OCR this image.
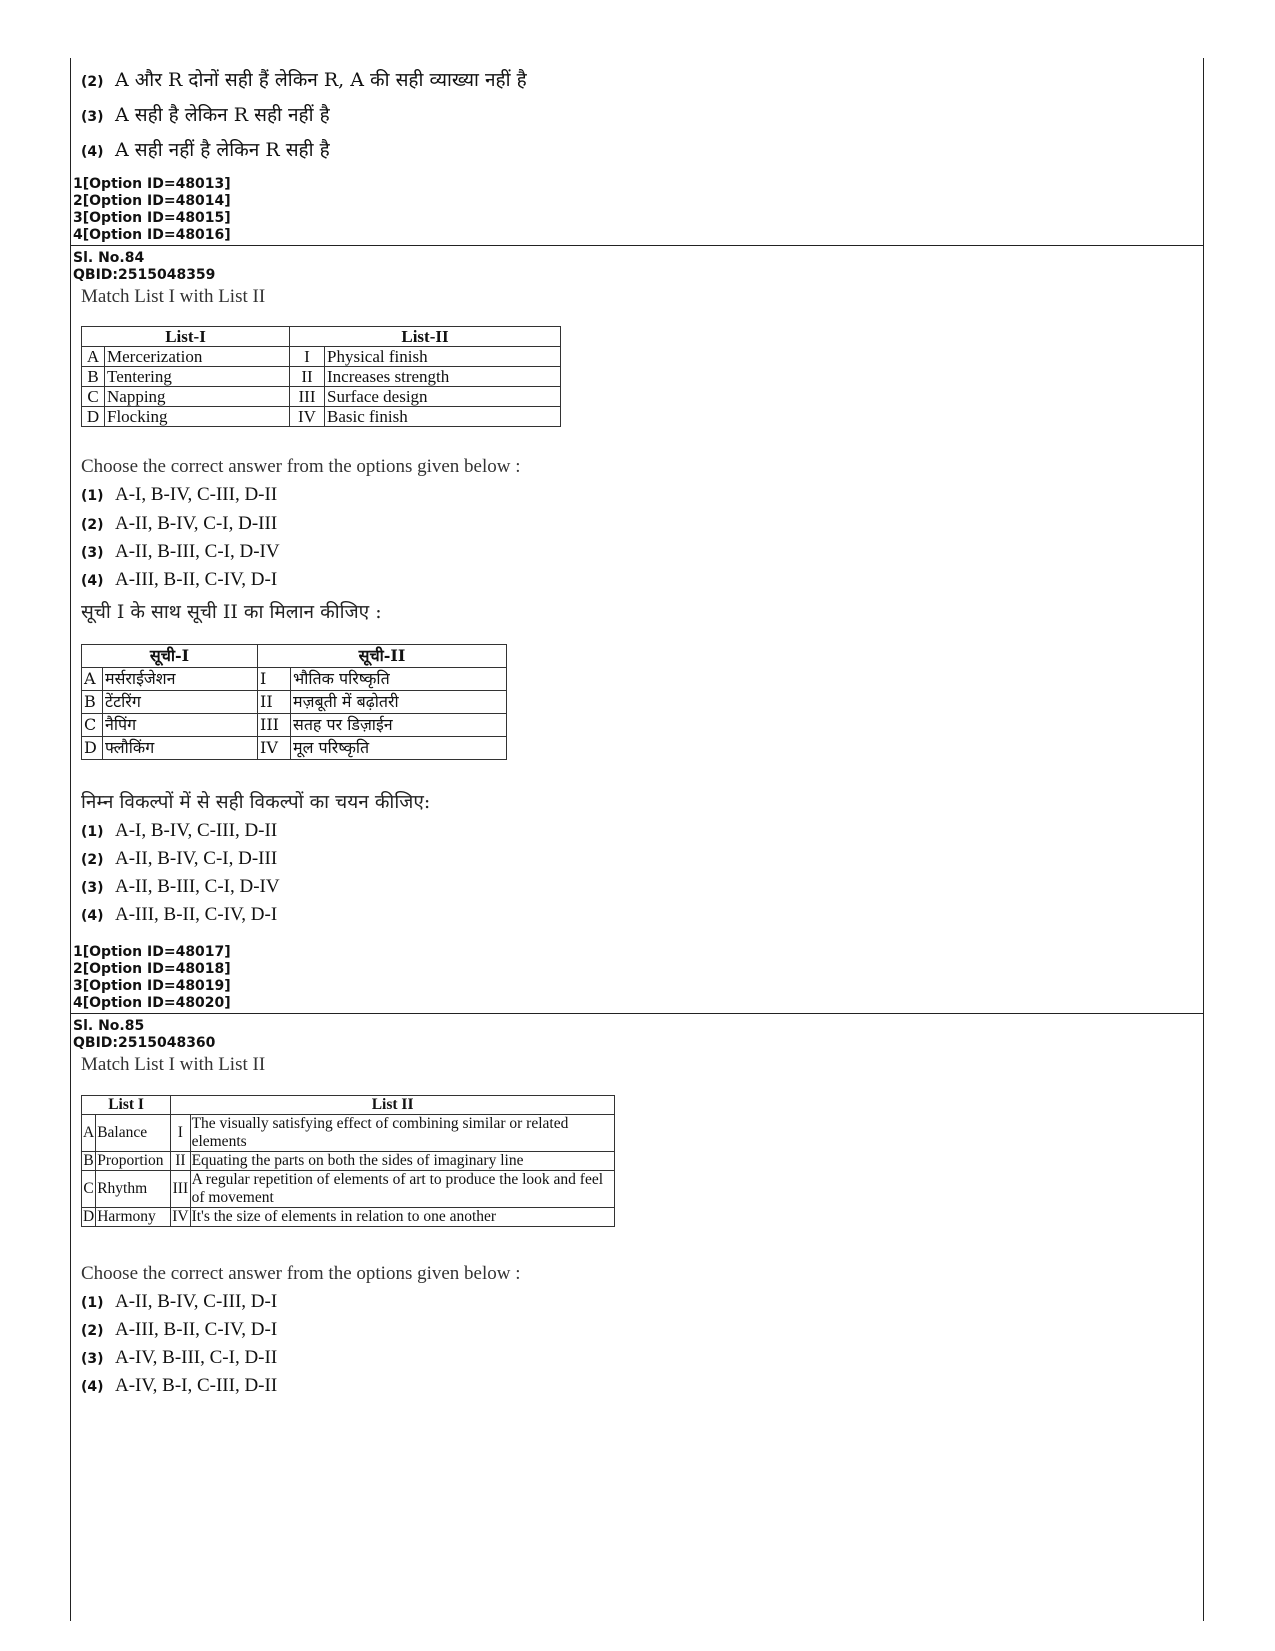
(2) A और R दोनों सही हैं लेकिन R, A की सही व्याख्या नहीं है
(3) A सही है लेकिन R सही नहीं है
(4) A सही नहीं है लेकिन R सही है
1[Option ID=48013]
2[Option ID=48014]
3[Option ID=48015]
4[Option ID=48016]
Sl. No.84
QBID:2515048359
Match List I with List II
List-I		List-II	
A	Mercerization	I	Physical finish
B	Tentering	II	Increases strength
C	Napping	III	Surface design
D	Flocking	IV	Basic finish
Choose the correct answer from the options given below :
(1) A-I, B-IV, C-III, D-II
(2) A-II, B-IV, C-I, D-III
(3) A-II, B-III, C-I, D-IV
(4) A-III, B-II, C-IV, D-I
सूची I के साथ सूची II का मिलान कीजिए :
सूची-I		सूची-II	
A	मर्सराईजेशन	I	भौतिक परिष्कृति
B	टेंटरिंग	II	मज़बूती में बढ़ोतरी
C	नैपिंग	III	सतह पर डिज़ाईन
D	फ्लौकिंग	IV	मूल परिष्कृति
निम्न विकल्पों में से सही विकल्पों का चयन कीजिए:
(1) A-I, B-IV, C-III, D-II
(2) A-II, B-IV, C-I, D-III
(3) A-II, B-III, C-I, D-IV
(4) A-III, B-II, C-IV, D-I
1[Option ID=48017]
2[Option ID=48018]
3[Option ID=48019]
4[Option ID=48020]
Sl. No.85
QBID:2515048360
Match List I with List II
List I		List II	
A	Balance	I	The visually satisfying effect of combining similar or related elements
B	Proportion	II	Equating the parts on both the sides of imaginary line
C	Rhythm	III	A regular repetition of elements of art to produce the look and feel of movement
D	Harmony	IV	It's the size of elements in relation to one another
Choose the correct answer from the options given below :
(1) A-II, B-IV, C-III, D-I
(2) A-III, B-II, C-IV, D-I
(3) A-IV, B-III, C-I, D-II
(4) A-IV, B-I, C-III, D-II
